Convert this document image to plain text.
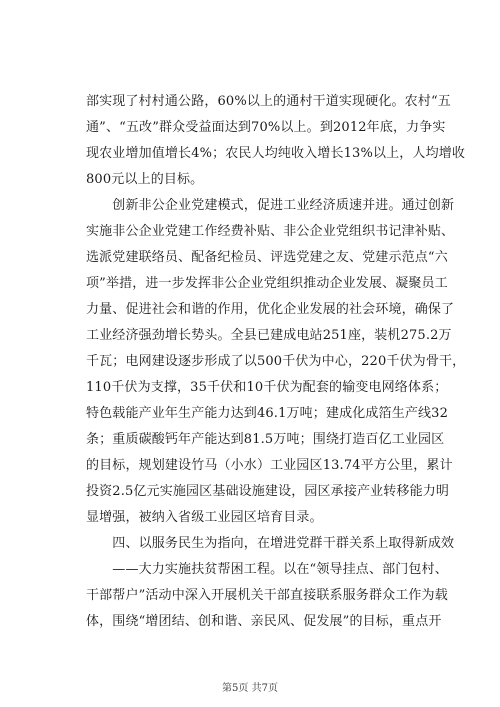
部实现了村村通公路，60%以上的通村干道实现硬化。农村“五
通”、“五改”群众受益面达到70%以上。到2012年底，力争实
现农业增加值增长4%；农民人均纯收入增长13%以上，人均增收
800元以上的目标。
　　创新非公企业党建模式，促进工业经济质速并进。通过创新
实施非公企业党建工作经费补贴、非公企业党组织书记津补贴、
选派党建联络员、配备纪检员、评选党建之友、党建示范点“六
项”举措，进一步发挥非公企业党组织推动企业发展、凝聚员工
力量、促进社会和谐的作用，优化企业发展的社会环境，确保了
工业经济强劲增长势头。全县已建成电站251座，装机275.2万
千瓦；电网建设逐步形成了以500千伏为中心，220千伏为骨干，
110千伏为支撑，35千伏和10千伏为配套的输变电网络体系；
特色载能产业年生产能力达到46.1万吨；建成化成箔生产线32
条；重质碳酸钙年产能达到81.5万吨；围绕打造百亿工业园区
的目标，规划建设竹马（小水）工业园区13.74平方公里，累计
投资2.5亿元实施园区基础设施建设，园区承接产业转移能力明
显增强，被纳入省级工业园区培育目录。
　　四、以服务民生为指向，在增进党群干群关系上取得新成效
　　——大力实施扶贫帮困工程。以在“领导挂点、部门包村、
干部帮户”活动中深入开展机关干部直接联系服务群众工作为载
体，围绕“增团结、创和谐、亲民风、促发展”的目标，重点开
第5页 共7页
